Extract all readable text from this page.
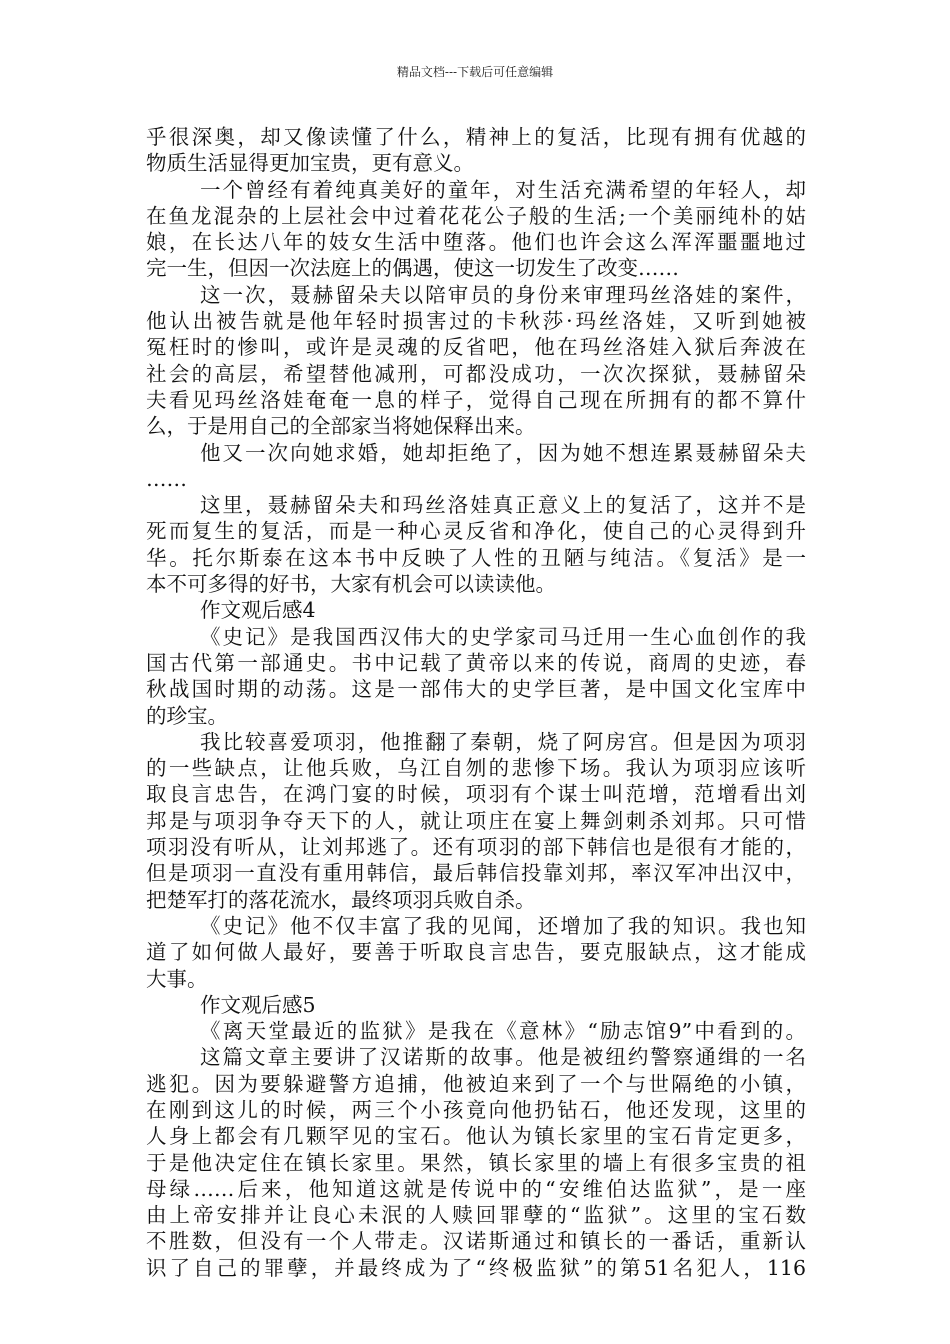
精品文档---下载后可任意编辑
乎很深奥，却又像读懂了什么，精神上的复活，比现有拥有优越的
物质生活显得更加宝贵，更有意义。
一个曾经有着纯真美好的童年，对生活充满希望的年轻人，却
在鱼龙混杂的上层社会中过着花花公子般的生活;一个美丽纯朴的姑
娘，在长达八年的妓女生活中堕落。他们也许会这么浑浑噩噩地过
完一生，但因一次法庭上的偶遇，使这一切发生了改变……
这一次，聂赫留朵夫以陪审员的身份来审理玛丝洛娃的案件，
他认出被告就是他年轻时损害过的卡秋莎·玛丝洛娃，又听到她被
冤枉时的惨叫，或许是灵魂的反省吧，他在玛丝洛娃入狱后奔波在
社会的高层，希望替他减刑，可都没成功，一次次探狱，聂赫留朵
夫看见玛丝洛娃奄奄一息的样子，觉得自己现在所拥有的都不算什
么，于是用自己的全部家当将她保释出来。
他又一次向她求婚，她却拒绝了，因为她不想连累聂赫留朵夫
……
这里，聂赫留朵夫和玛丝洛娃真正意义上的复活了，这并不是
死而复生的复活，而是一种心灵反省和净化，使自己的心灵得到升
华。托尔斯泰在这本书中反映了人性的丑陋与纯洁。《复活》是一
本不可多得的好书，大家有机会可以读读他。
作文观后感4
《史记》是我国西汉伟大的史学家司马迁用一生心血创作的我
国古代第一部通史。书中记载了黄帝以来的传说，商周的史迹，春
秋战国时期的动荡。这是一部伟大的史学巨著，是中国文化宝库中
的珍宝。
我比较喜爱项羽，他推翻了秦朝，烧了阿房宫。但是因为项羽
的一些缺点，让他兵败，乌江自刎的悲惨下场。我认为项羽应该听
取良言忠告，在鸿门宴的时候，项羽有个谋士叫范增，范增看出刘
邦是与项羽争夺天下的人，就让项庄在宴上舞剑刺杀刘邦。只可惜
项羽没有听从，让刘邦逃了。还有项羽的部下韩信也是很有才能的，
但是项羽一直没有重用韩信，最后韩信投靠刘邦，率汉军冲出汉中，
把楚军打的落花流水，最终项羽兵败自杀。
《史记》他不仅丰富了我的见闻，还增加了我的知识。我也知
道了如何做人最好，要善于听取良言忠告，要克服缺点，这才能成
大事。
作文观后感5
《离天堂最近的监狱》是我在《意林》“励志馆9”中看到的。
这篇文章主要讲了汉诺斯的故事。他是被纽约警察通缉的一名
逃犯。因为要躲避警方追捕，他被迫来到了一个与世隔绝的小镇，
在刚到这儿的时候，两三个小孩竟向他扔钻石，他还发现，这里的
人身上都会有几颗罕见的宝石。他认为镇长家里的宝石肯定更多，
于是他决定住在镇长家里。果然，镇长家里的墙上有很多宝贵的祖
母绿……后来，他知道这就是传说中的“安维伯达监狱”，是一座
由上帝安排并让良心未泯的人赎回罪孽的“监狱”。这里的宝石数
不胜数，但没有一个人带走。汉诺斯通过和镇长的一番话，重新认
识了自己的罪孽，并最终成为了“终极监狱”的第51名犯人，116
